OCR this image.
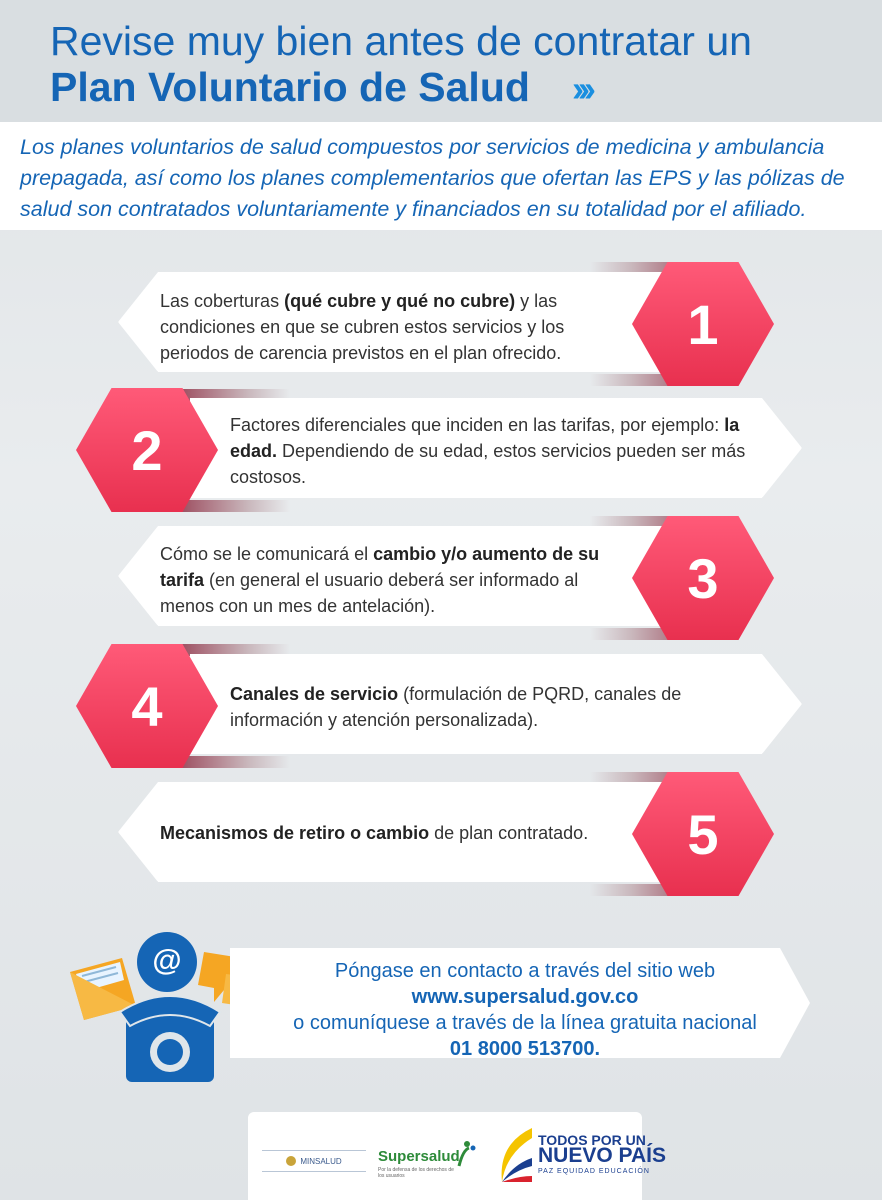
Revise muy bien antes de contratar un
Plan Voluntario de Salud ›››

Los planes voluntarios de salud compuestos por servicios de medicina y ambulancia prepagada, así como los planes complementarios que ofertan las EPS y las pólizas de salud son contratados voluntariamente y financiados en su totalidad por el afiliado.

Las coberturas (qué cubre y qué no cubre) y las condiciones en que se cubren estos servicios y los periodos de carencia previstos en el plan ofrecido.	1
Factores diferenciales que inciden en las tarifas, por ejemplo: la edad. Dependiendo de su edad, estos servicios pueden ser más costosos.
2
Cómo se le comunicará el cambio y/o aumento de su tarifa (en general el usuario deberá ser informado al menos con un mes de antelación).	3
Canales de servicio (formulación de PQRD, canales de información y atención personalizada).
4
Mecanismos de retiro o cambio de plan contratado.	5
@	Póngase en contacto a través del sitio web
www.supersalud.gov.co
o comuníquese a través de la línea gratuita nacional
01 8000 513700.
MINSALUD Supersalud
Por la defensa de los derechos de los usuarios
TODOS POR UN
NUEVO PAÍS
PAZ EQUIDAD EDUCACIÓN
